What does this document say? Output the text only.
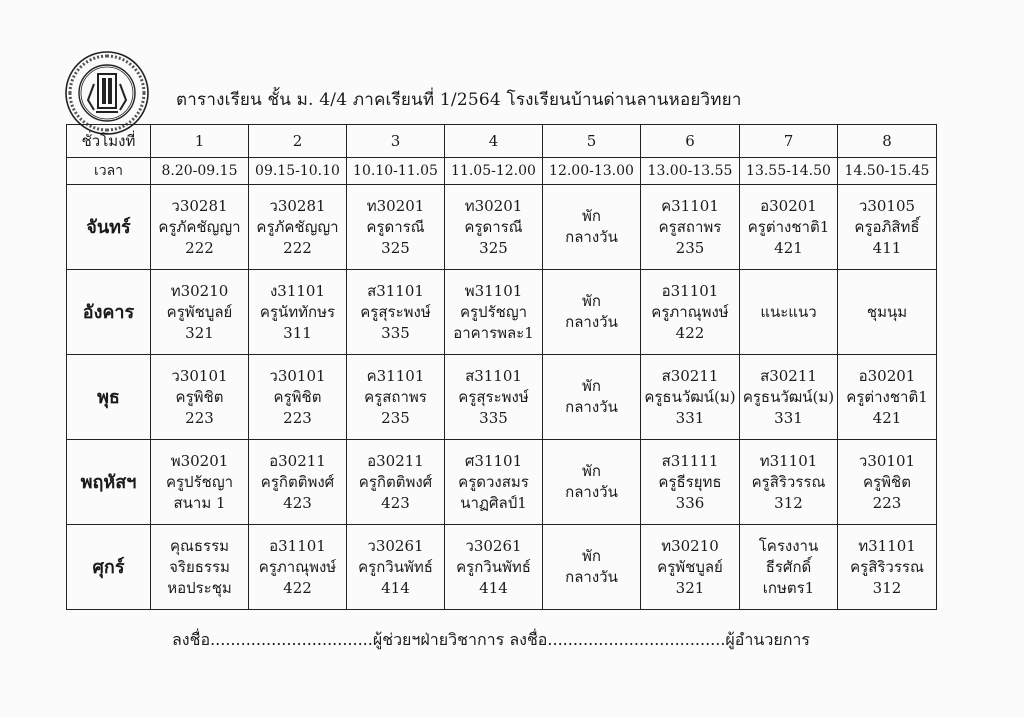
ตารางเรียน ชั้น ม. 4/4 ภาคเรียนที่ 1/2564 โรงเรียนบ้านด่านลานหอยวิทยา
ชั่วโมงที่	1	2	3	4	5	6	7	8
เวลา	8.20-09.15	09.15-10.10	10.10-11.05	11.05-12.00	12.00-13.00	13.00-13.55	13.55-14.50	14.50-15.45
จันทร์	ว30281
ครูภัคชัญญา
222	ว30281
ครูภัคชัญญา
222	ท30201
ครูดารณี
325	ท30201
ครูดารณี
325	พัก
กลางวัน	ค31101
ครูสถาพร
235	อ30201
ครูต่างชาติ1
421	ว30105
ครูอภิสิทธิ์
411

อังคาร	ท30210
ครูพัชบูลย์
321	ง31101
ครูนัททักษร
311	ส31101
ครูสุระพงษ์
335	พ31101
ครูปรัชญา
อาคารพละ1	พัก
กลางวัน	อ31101
ครูภาณุพงษ์
422	แนะแนว	ชุมนุม

พุธ	ว30101
ครูพิชิต
223	ว30101
ครูพิชิต
223	ค31101
ครูสถาพร
235	ส31101
ครูสุระพงษ์
335	พัก
กลางวัน	ส30211
ครูธนวัฒน์(ม)
331	ส30211
ครูธนวัฒน์(ม)
331	อ30201
ครูต่างชาติ1
421

พฤหัสฯ	พ30201
ครูปรัชญา
สนาม 1	อ30211
ครูกิตติพงศ์
423	อ30211
ครูกิตติพงศ์
423	ศ31101
ครูดวงสมร
นาฏศิลป์1	พัก
กลางวัน	ส31111
ครูธีรยุทธ
336	ท31101
ครูสิริวรรณ
312	ว30101
ครูพิชิต
223

ศุกร์	คุณธรรม
จริยธรรม
หอประชุม	อ31101
ครูภาณุพงษ์
422	ว30261
ครูกวินพัทธ์
414	ว30261
ครูกวินพัทธ์
414	พัก
กลางวัน	ท30210
ครูพัชบูลย์
321	โครงงาน
ธีรศักดิ์
เกษตร1	ท31101
ครูสิริวรรณ
312
ลงชื่อ................................ผู้ช่วยฯฝ่ายวิชาการ ลงชื่อ...................................ผู้อำนวยการ
